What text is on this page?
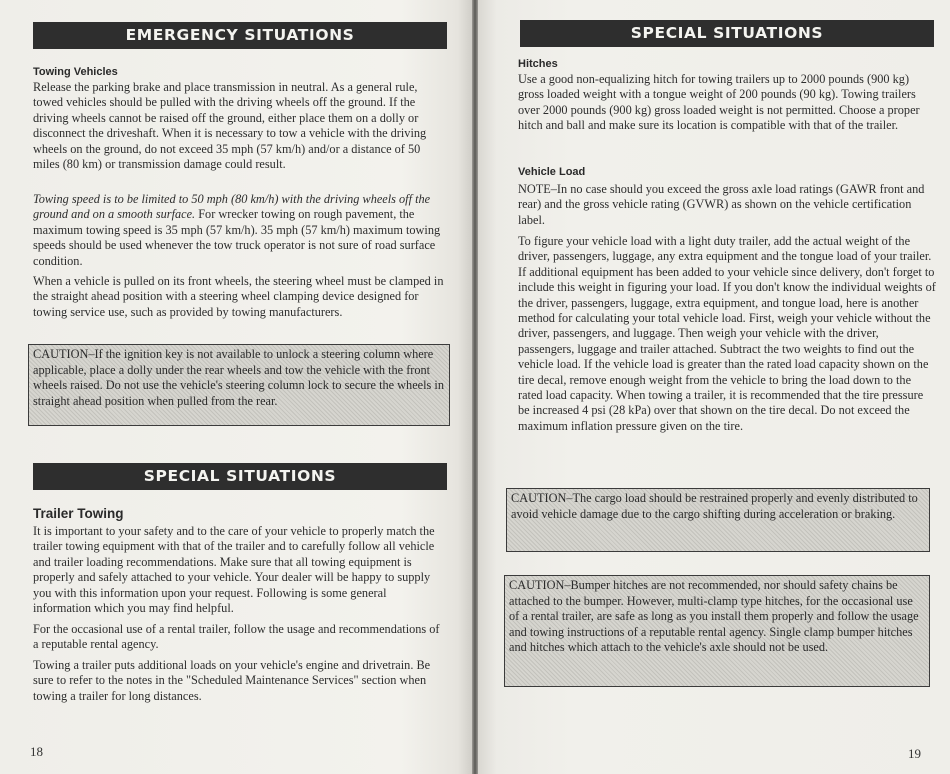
EMERGENCY SITUATIONS
Towing Vehicles
Release the parking brake and place transmission in neutral. As a general rule, towed vehicles should be pulled with the driving wheels off the ground. If the driving wheels cannot be raised off the ground, either place them on a dolly or disconnect the driveshaft. When it is necessary to tow a vehicle with the driving wheels on the ground, do not exceed 35 mph (57 km/h) and/or a distance of 50 miles (80 km) or transmission damage could result.
Towing speed is to be limited to 50 mph (80 km/h) with the driving wheels off the ground and on a smooth surface. For wrecker towing on rough pavement, the maximum towing speed is 35 mph (57 km/h). 35 mph (57 km/h) maximum towing speeds should be used whenever the tow truck operator is not sure of road surface condition.
When a vehicle is pulled on its front wheels, the steering wheel must be clamped in the straight ahead position with a steering wheel clamping device designed for towing service use, such as provided by towing manufacturers.
CAUTION–If the ignition key is not available to unlock a steering column where applicable, place a dolly under the rear wheels and tow the vehicle with the front wheels raised. Do not use the vehicle's steering column lock to secure the wheels in straight ahead position when pulled from the rear.
SPECIAL SITUATIONS
Trailer Towing
It is important to your safety and to the care of your vehicle to properly match the trailer towing equipment with that of the trailer and to carefully follow all vehicle and trailer loading recommendations. Make sure that all towing equipment is properly and safely attached to your vehicle. Your dealer will be happy to supply you with this information upon your request. Following is some general information which you may find helpful.
For the occasional use of a rental trailer, follow the usage and recommendations of a reputable rental agency.
Towing a trailer puts additional loads on your vehicle's engine and drivetrain. Be sure to refer to the notes in the "Scheduled Maintenance Services" section when towing a trailer for long distances.
18
SPECIAL SITUATIONS
Hitches
Use a good non-equalizing hitch for towing trailers up to 2000 pounds (900 kg) gross loaded weight with a tongue weight of 200 pounds (90 kg). Towing trailers over 2000 pounds (900 kg) gross loaded weight is not permitted. Choose a proper hitch and ball and make sure its location is compatible with that of the trailer.
Vehicle Load
NOTE–In no case should you exceed the gross axle load ratings (GAWR front and rear) and the gross vehicle rating (GVWR) as shown on the vehicle certification label.
To figure your vehicle load with a light duty trailer, add the actual weight of the driver, passengers, luggage, any extra equipment and the tongue load of your trailer. If additional equipment has been added to your vehicle since delivery, don't forget to include this weight in figuring your load. If you don't know the individual weights of the driver, passengers, luggage, extra equipment, and tongue load, here is another method for calculating your total vehicle load. First, weigh your vehicle without the driver, passengers, and luggage. Then weigh your vehicle with the driver, passengers, luggage and trailer attached. Subtract the two weights to find out the vehicle load. If the vehicle load is greater than the rated load capacity shown on the tire decal, remove enough weight from the vehicle to bring the load down to the rated load capacity. When towing a trailer, it is recommended that the tire pressure be increased 4 psi (28 kPa) over that shown on the tire decal. Do not exceed the maximum inflation pressure given on the tire.
CAUTION–The cargo load should be restrained properly and evenly distributed to avoid vehicle damage due to the cargo shifting during acceleration or braking.
CAUTION–Bumper hitches are not recommended, nor should safety chains be attached to the bumper. However, multi-clamp type hitches, for the occasional use of a rental trailer, are safe as long as you install them properly and follow the usage and towing instructions of a reputable rental agency. Single clamp bumper hitches and hitches which attach to the vehicle's axle should not be used.
19
